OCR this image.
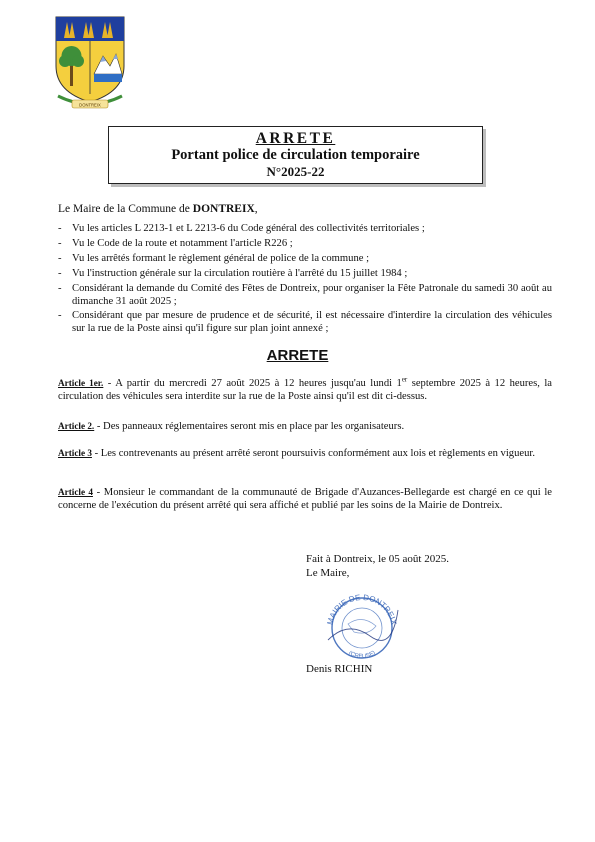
DONTREIX
ARRETE
Portant police de circulation temporaire
N°2025-22
Le Maire de la Commune de DONTREIX,
- Vu les articles L 2213-1 et L 2213-6 du Code général des collectivités territoriales ;
- Vu le Code de la route et notamment l'article R226 ;
- Vu les arrêtés formant le règlement général de police de la commune ;
- Vu l'instruction générale sur la circulation routière à l'arrêté du 15 juillet 1984 ;
- Considérant la demande du Comité des Fêtes de Dontreix, pour organiser la Fête Patronale du samedi 30 août au dimanche 31 août 2025 ;
- Considérant que par mesure de prudence et de sécurité, il est nécessaire d'interdire la circulation des véhicules sur la rue de la Poste ainsi qu'il figure sur plan joint annexé ;
ARRETE
Article 1er. - A partir du mercredi 27 août 2025 à 12 heures jusqu'au lundi 1er septembre 2025 à 12 heures, la circulation des véhicules sera interdite sur la rue de la Poste ainsi qu'il est dit ci-dessus.
Article 2. - Des panneaux réglementaires seront mis en place par les organisateurs.
Article 3 - Les contrevenants au présent arrêté seront poursuivis conformément aux lois et règlements en vigueur.
Article 4 - Monsieur le commandant de la communauté de Brigade d'Auzances-Bellegarde est chargé en ce qui le concerne de l'exécution du présent arrêté qui sera affiché et publié par les soins de la Mairie de Dontreix.
Fait à Dontreix, le 05 août 2025.
Le Maire,
MAIRIE DE DONTREIX
(CREUSE)
Denis RICHIN
